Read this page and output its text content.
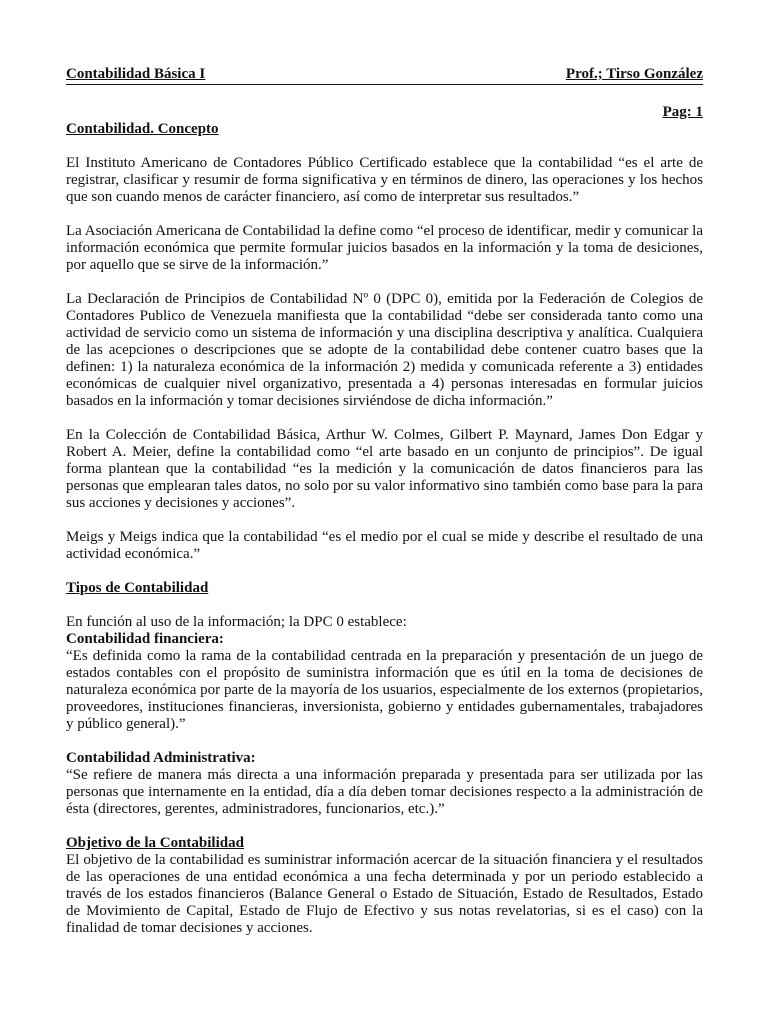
Contabilidad Básica I	Prof.; Tirso González
Pag: 1
Contabilidad. Concepto

El Instituto Americano de Contadores Público Certificado establece que la contabilidad “es el arte de registrar, clasificar y resumir de forma significativa y en términos de dinero, las operaciones y los hechos que son cuando menos de carácter financiero, así como de interpretar sus resultados.”

La Asociación Americana de Contabilidad la define como “el proceso de identificar, medir y comunicar la información económica que permite formular juicios basados en la información y la toma de desiciones, por aquello que se sirve de la información.”

La Declaración de Principios de Contabilidad Nº 0 (DPC 0), emitida por la Federación de Colegios de Contadores Publico de Venezuela manifiesta que la contabilidad “debe ser considerada tanto como una actividad de servicio como un sistema de información y una disciplina descriptiva y analítica. Cualquiera de las acepciones o descripciones que se adopte de la contabilidad debe contener cuatro bases que la definen: 1) la naturaleza económica de la información 2) medida y comunicada referente a 3) entidades económicas de cualquier nivel organizativo, presentada a 4) personas interesadas en formular juicios basados en la información y tomar decisiones sirviéndose de dicha información.”

En la Colección de Contabilidad Básica, Arthur W. Colmes, Gilbert P. Maynard, James Don Edgar y Robert A. Meier, define la contabilidad como “el arte basado en un conjunto de principios”. De igual forma plantean que la contabilidad “es la medición y la comunicación de datos financieros para las personas que emplearan tales datos, no solo por su valor informativo sino también como base para la para sus acciones y decisiones y acciones”.

Meigs y Meigs indica que la contabilidad “es el medio por el cual se mide y describe el resultado de una actividad económica.”

Tipos de Contabilidad

En función al uso de la información; la DPC 0 establece:

Contabilidad financiera:

“Es definida como la rama de la contabilidad centrada en la preparación y presentación de un juego de estados contables con el propósito de suministra información que es útil en la toma de decisiones de naturaleza económica por parte de la mayoría de los usuarios, especialmente de los externos (propietarios, proveedores, instituciones financieras, inversionista, gobierno y entidades gubernamentales, trabajadores y público general).”

Contabilidad Administrativa:

“Se refiere de manera más directa a una información preparada y presentada para ser utilizada por las personas que internamente en la entidad, día a día deben tomar decisiones respecto a la administración de ésta (directores, gerentes, administradores, funcionarios, etc.).”

Objetivo de la Contabilidad

El objetivo de la contabilidad es suministrar información acercar de la situación financiera y el resultados de las operaciones de una entidad económica a una fecha determinada y por un periodo establecido a través de los estados financieros (Balance General o Estado de Situación, Estado de Resultados, Estado de Movimiento de Capital, Estado de Flujo de Efectivo y sus notas revelatorias, si es el caso) con la finalidad de tomar decisiones y acciones.
